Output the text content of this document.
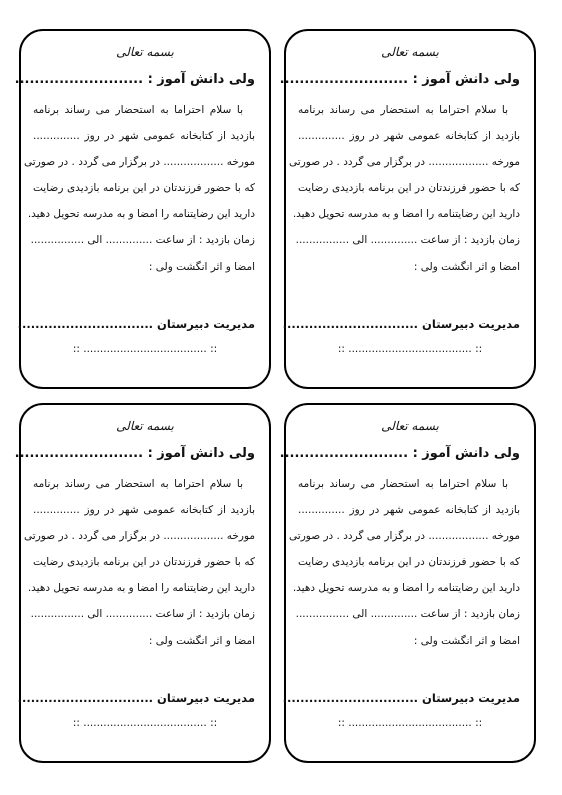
بسمه تعالی
ولی دانش آموز : ..........................

با سلام احتراما به استحضار می رساند برنامه

بازدید از کتابخانه عمومی شهر در روز ..............

مورخه .................. در برگزار می گردد . در صورتی

که با حضور فرزندتان در این برنامه بازدیدی رضایت

دارید این رضایتنامه را امضا و به مدرسه تحویل دهید.

زمان بازدید : از ساعت .............. الی ................

امضا و اثر انگشت ولی :
مدیریت دبیرستان ...............................
:: ..................................... ::
بسمه تعالی
ولی دانش آموز : ..........................

با سلام احتراما به استحضار می رساند برنامه

بازدید از کتابخانه عمومی شهر در روز ..............

مورخه .................. در برگزار می گردد . در صورتی

که با حضور فرزندتان در این برنامه بازدیدی رضایت

دارید این رضایتنامه را امضا و به مدرسه تحویل دهید.

زمان بازدید : از ساعت .............. الی ................

امضا و اثر انگشت ولی :
مدیریت دبیرستان ...............................
:: ..................................... ::
بسمه تعالی
ولی دانش آموز : ..........................

با سلام احتراما به استحضار می رساند برنامه

بازدید از کتابخانه عمومی شهر در روز ..............

مورخه .................. در برگزار می گردد . در صورتی

که با حضور فرزندتان در این برنامه بازدیدی رضایت

دارید این رضایتنامه را امضا و به مدرسه تحویل دهید.

زمان بازدید : از ساعت .............. الی ................

امضا و اثر انگشت ولی :
مدیریت دبیرستان ...............................
:: ..................................... ::
بسمه تعالی
ولی دانش آموز : ..........................

با سلام احتراما به استحضار می رساند برنامه

بازدید از کتابخانه عمومی شهر در روز ..............

مورخه .................. در برگزار می گردد . در صورتی

که با حضور فرزندتان در این برنامه بازدیدی رضایت

دارید این رضایتنامه را امضا و به مدرسه تحویل دهید.

زمان بازدید : از ساعت .............. الی ................

امضا و اثر انگشت ولی :
مدیریت دبیرستان ...............................
:: ..................................... ::
